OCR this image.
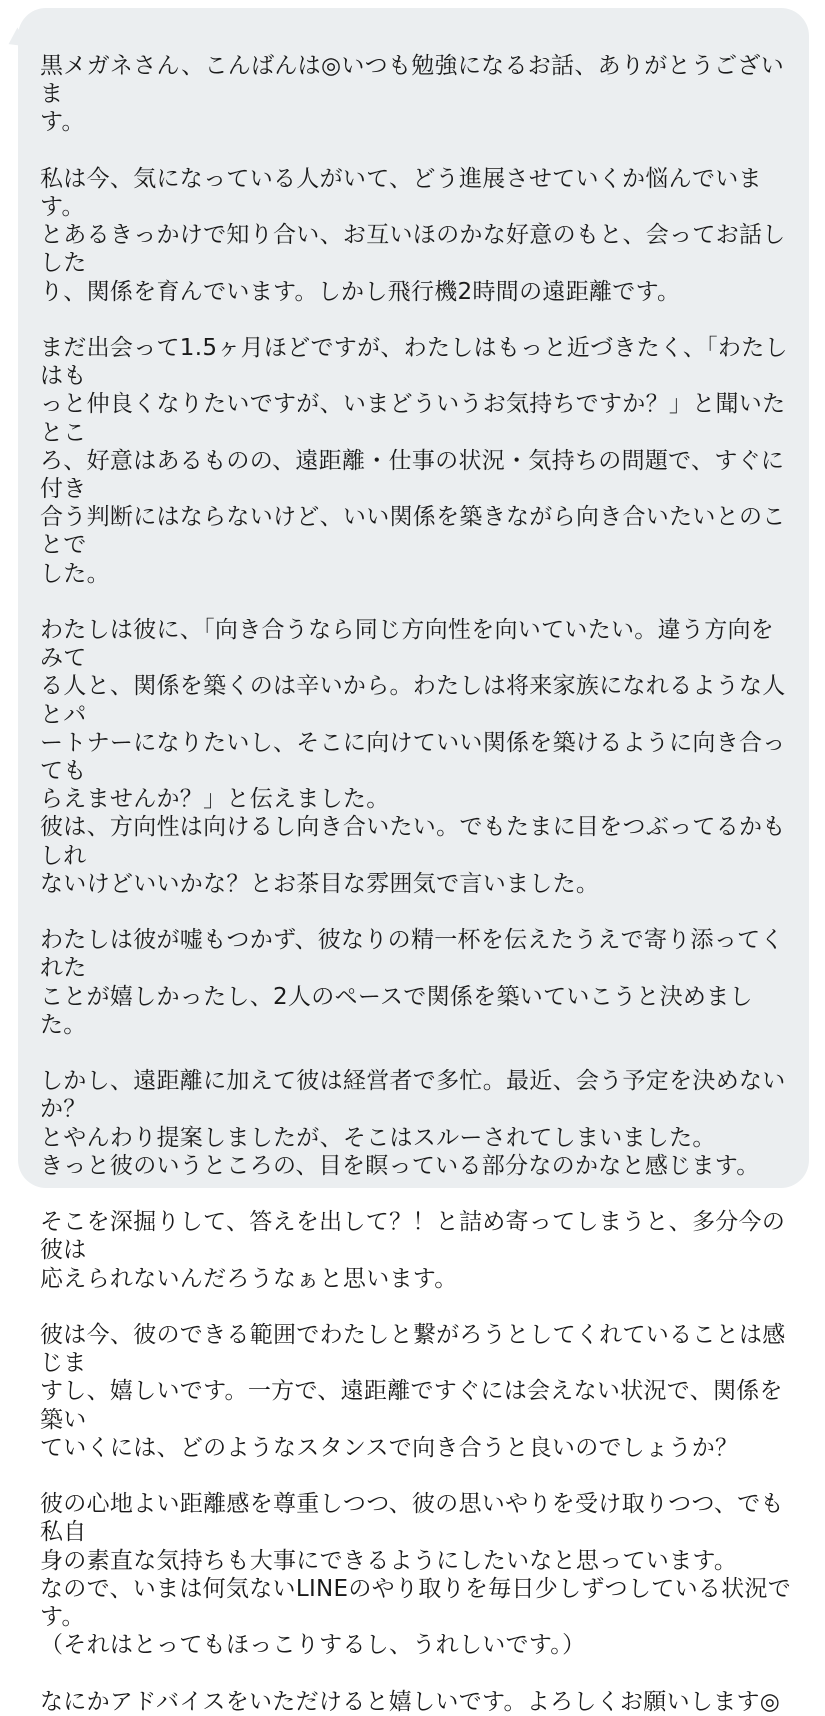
黒メガネさん、こんばんは◎いつも勉強になるお話、ありがとうございま
す。

私は今、気になっている人がいて、どう進展させていくか悩んでいます。
とあるきっかけで知り合い、お互いほのかな好意のもと、会ってお話しした
り、関係を育んでいます。しかし飛行機2時間の遠距離です。

まだ出会って1.5ヶ月ほどですが、わたしはもっと近づきたく、「わたしはも
っと仲良くなりたいですが、いまどういうお気持ちですか？」と聞いたとこ
ろ、好意はあるものの、遠距離・仕事の状況・気持ちの問題で、すぐに付き
合う判断にはならないけど、いい関係を築きながら向き合いたいとのことで
した。

わたしは彼に、「向き合うなら同じ方向性を向いていたい。違う方向をみて
る人と、関係を築くのは辛いから。わたしは将来家族になれるような人とパ
ートナーになりたいし、そこに向けていい関係を築けるように向き合っても
らえませんか？」と伝えました。
彼は、方向性は向けるし向き合いたい。でもたまに目をつぶってるかもしれ
ないけどいいかな？とお茶目な雰囲気で言いました。

わたしは彼が嘘もつかず、彼なりの精一杯を伝えたうえで寄り添ってくれた
ことが嬉しかったし、2人のペースで関係を築いていこうと決めました。

しかし、遠距離に加えて彼は経営者で多忙。最近、会う予定を決めないか？
とやんわり提案しましたが、そこはスルーされてしまいました。
きっと彼のいうところの、目を瞑っている部分なのかなと感じます。

そこを深掘りして、答えを出して？！と詰め寄ってしまうと、多分今の彼は
応えられないんだろうなぁと思います。

彼は今、彼のできる範囲でわたしと繋がろうとしてくれていることは感じま
すし、嬉しいです。一方で、遠距離ですぐには会えない状況で、関係を築い
ていくには、どのようなスタンスで向き合うと良いのでしょうか？

彼の心地よい距離感を尊重しつつ、彼の思いやりを受け取りつつ、でも私自
身の素直な気持ちも大事にできるようにしたいなと思っています。
なので、いまは何気ないLINEのやり取りを毎日少しずつしている状況です。
（それはとってもほっこりするし、うれしいです。）

なにかアドバイスをいただけると嬉しいです。よろしくお願いします◎
